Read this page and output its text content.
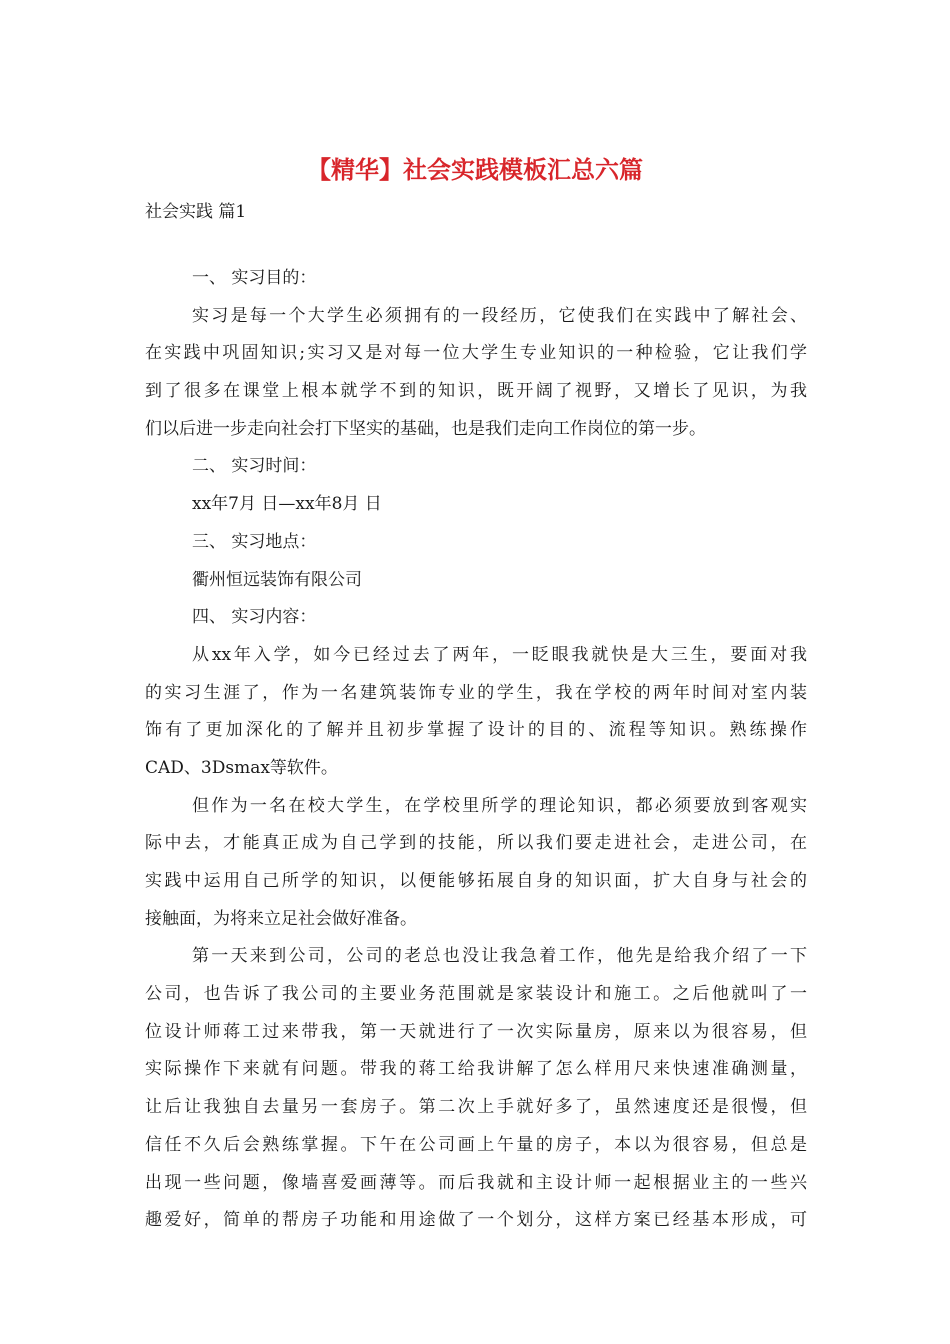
【精华】社会实践模板汇总六篇
社会实践 篇1
一、 实习目的：
实习是每一个大学生必须拥有的一段经历，它使我们在实践中了解社会、
在实践中巩固知识;实习又是对每一位大学生专业知识的一种检验，它让我们学
到了很多在课堂上根本就学不到的知识，既开阔了视野，又增长了见识，为我
们以后进一步走向社会打下坚实的基础，也是我们走向工作岗位的第一步。
二、 实习时间：
xx年7月 日—xx年8月 日
三、 实习地点：
衢州恒远装饰有限公司
四、 实习内容：
从xx年入学，如今已经过去了两年，一眨眼我就快是大三生，要面对我
的实习生涯了，作为一名建筑装饰专业的学生，我在学校的两年时间对室内装
饰有了更加深化的了解并且初步掌握了设计的目的、流程等知识。熟练操作
CAD、3Dsmax等软件。
但作为一名在校大学生，在学校里所学的理论知识，都必须要放到客观实
际中去，才能真正成为自己学到的技能，所以我们要走进社会，走进公司，在
实践中运用自己所学的知识，以便能够拓展自身的知识面，扩大自身与社会的
接触面，为将来立足社会做好准备。
第一天来到公司，公司的老总也没让我急着工作，他先是给我介绍了一下
公司，也告诉了我公司的主要业务范围就是家装设计和施工。之后他就叫了一
位设计师蒋工过来带我，第一天就进行了一次实际量房，原来以为很容易，但
实际操作下来就有问题。带我的蒋工给我讲解了怎么样用尺来快速准确测量，
让后让我独自去量另一套房子。第二次上手就好多了，虽然速度还是很慢，但
信任不久后会熟练掌握。下午在公司画上午量的房子，本以为很容易，但总是
出现一些问题，像墙喜爱画薄等。而后我就和主设计师一起根据业主的一些兴
趣爱好，简单的帮房子功能和用途做了一个划分，这样方案已经基本形成，可
